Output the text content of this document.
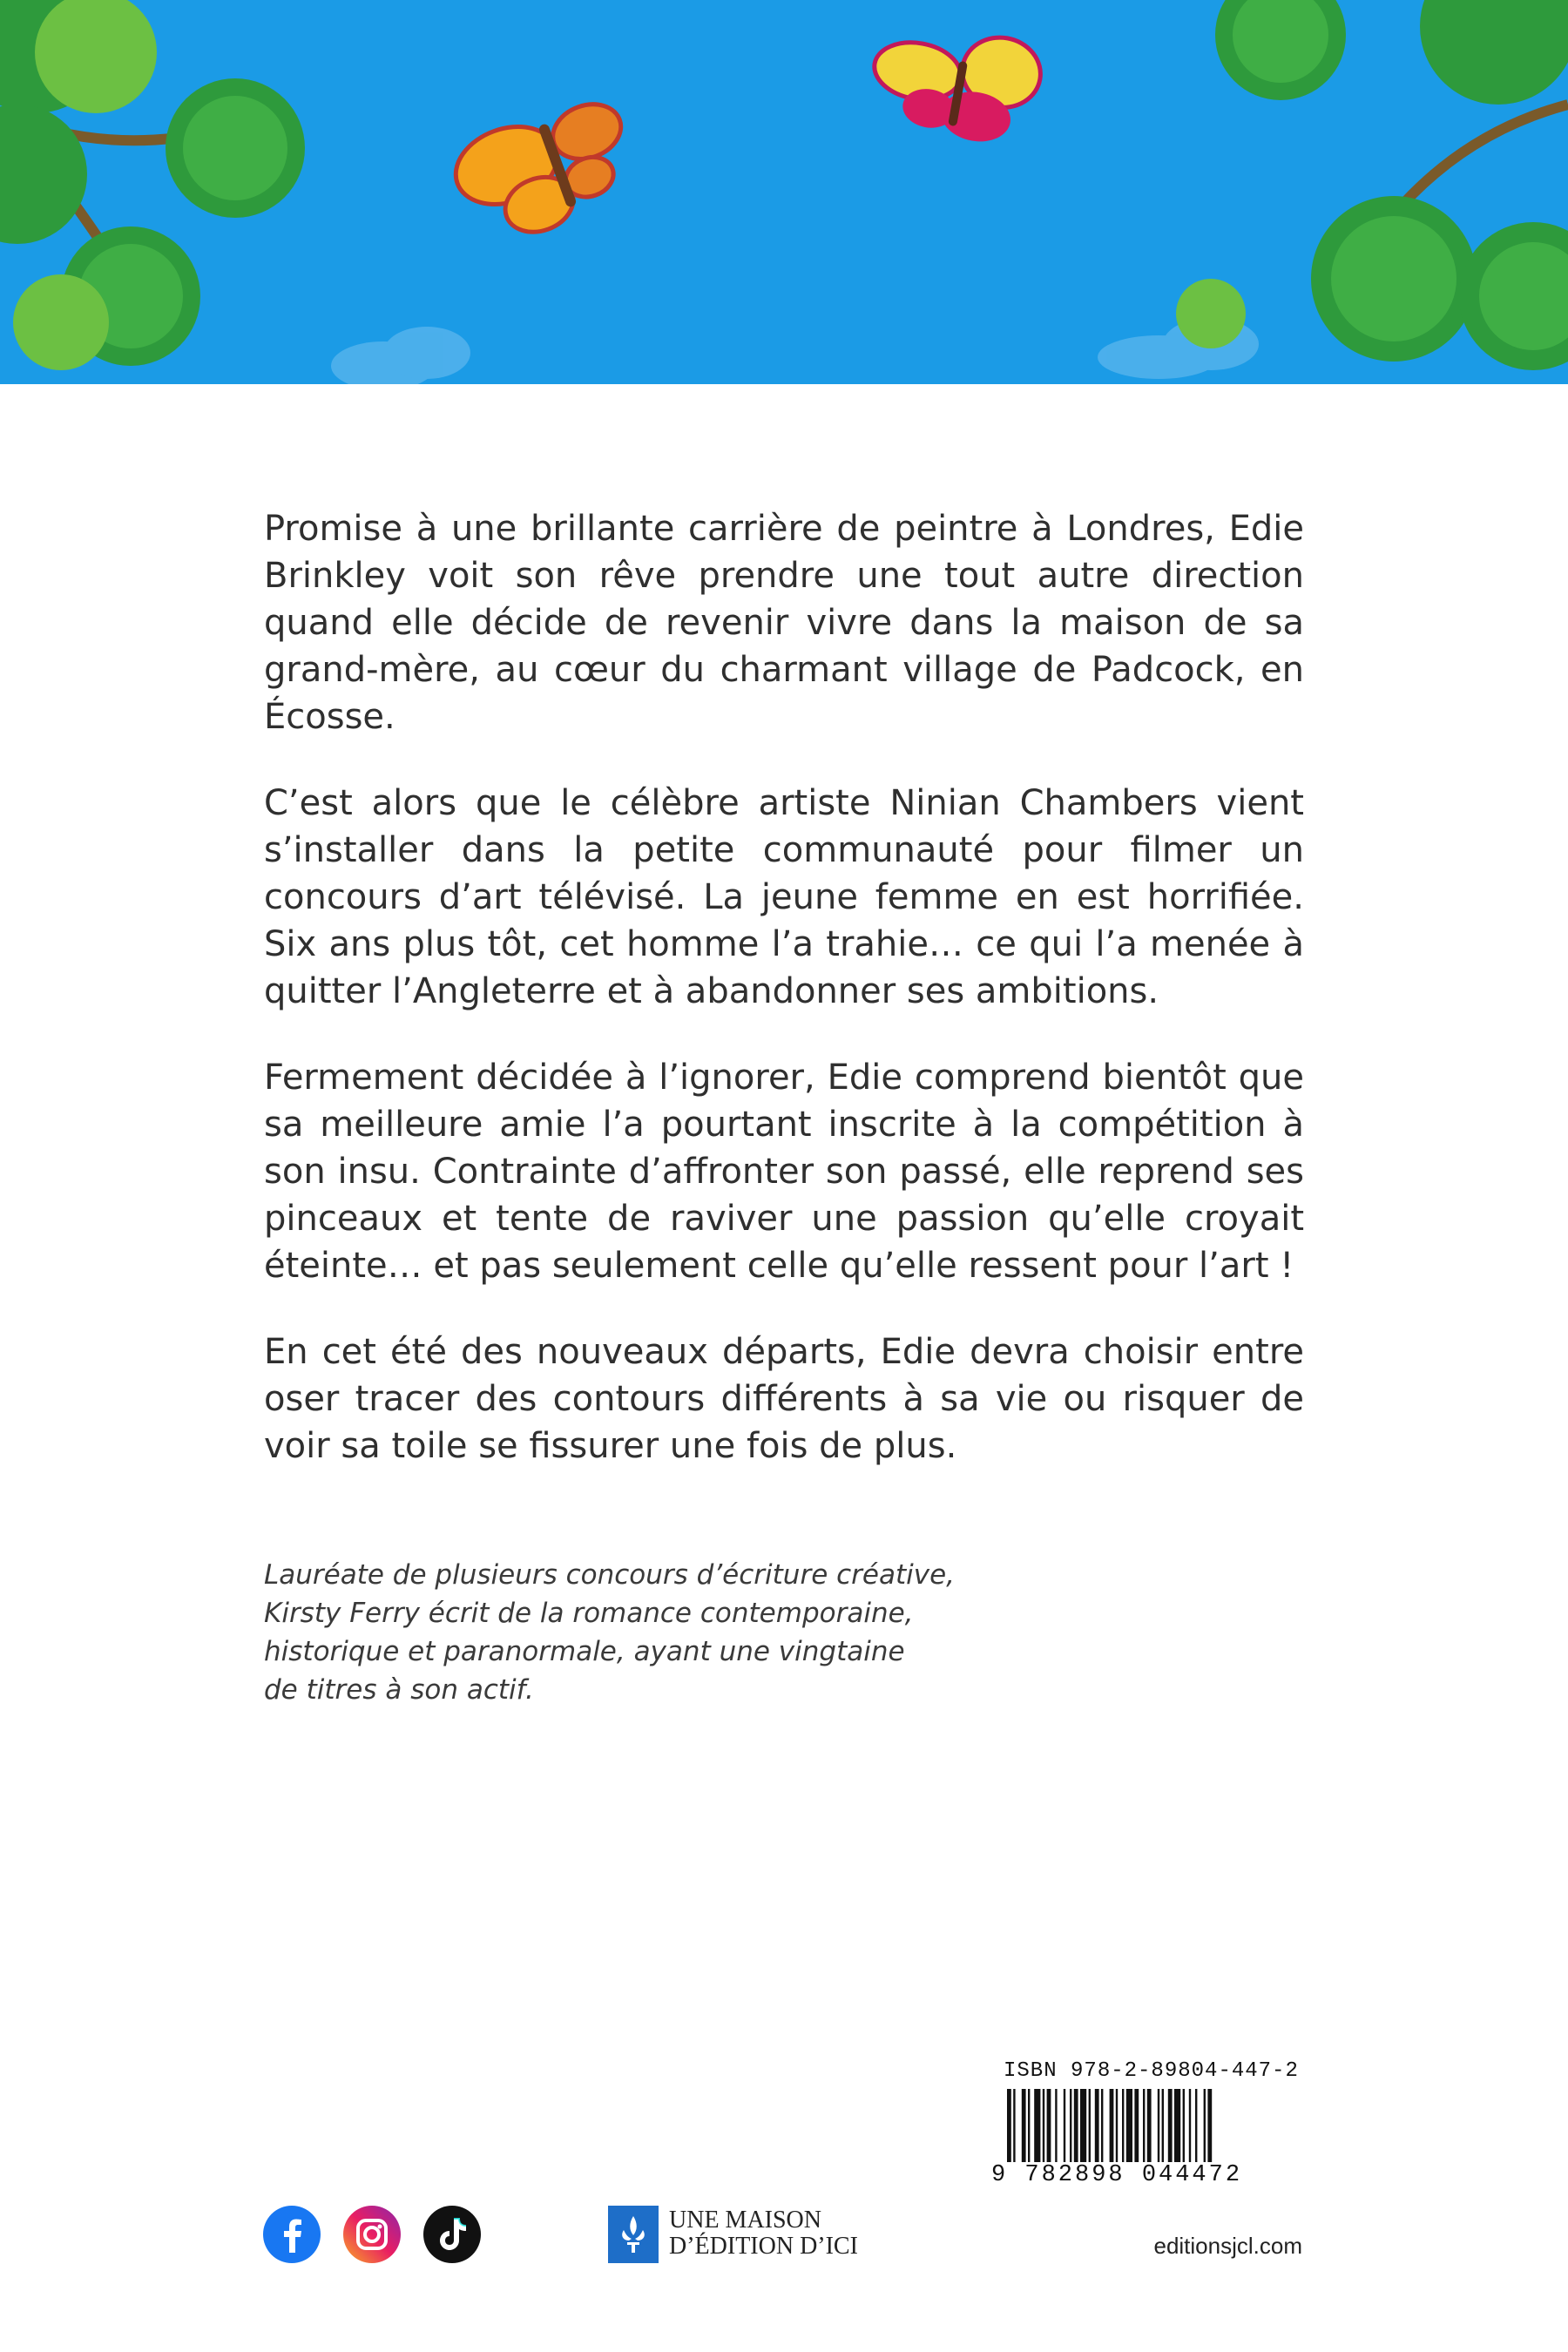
Promise à une brillante carrière de peintre à Londres, Edie Brinkley voit son rêve prendre une tout autre direction quand elle décide de revenir vivre dans la maison de sa grand-mère, au cœur du charmant village de Padcock, en Écosse.

C’est alors que le célèbre artiste Ninian Chambers vient s’installer dans la petite communauté pour filmer un concours d’art télévisé. La jeune femme en est horrifiée. Six ans plus tôt, cet homme l’a trahie… ce qui l’a menée à quitter l’Angleterre et à abandonner ses ambitions.

Fermement décidée à l’ignorer, Edie comprend bientôt que sa meilleure amie l’a pourtant inscrite à la compétition à son insu. Contrainte d’affronter son passé, elle reprend ses pinceaux et tente de raviver une passion qu’elle croyait éteinte… et pas seulement celle qu’elle ressent pour l’art !

En cet été des nouveaux départs, Edie devra choisir entre oser tracer des contours différents à sa vie ou risquer de voir sa toile se fissurer une fois de plus.

Lauréate de plusieurs concours d’écriture créative,
Kirsty Ferry écrit de la romance contemporaine,
historique et paranormale, ayant une vingtaine
de titres à son actif.
UNE MAISON
D’ÉDITION D’ICI
ISBN 978-2-89804-447-2
9 782898 044472
editionsjcl.com
